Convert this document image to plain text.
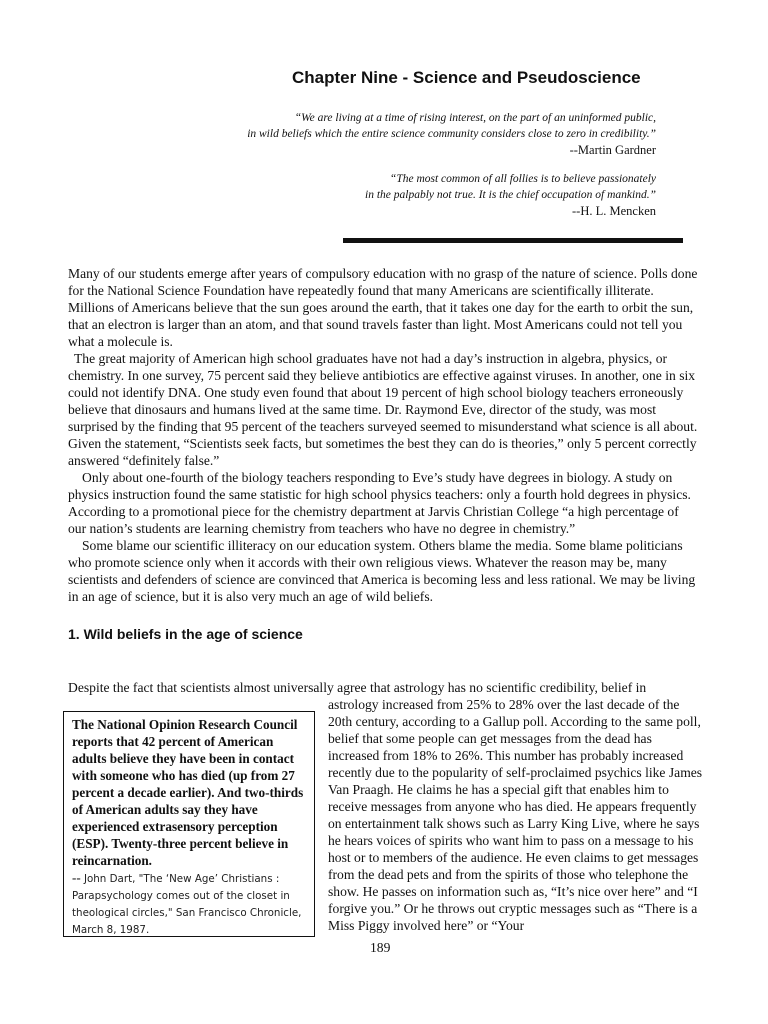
Chapter Nine - Science and Pseudoscience
“We are living at a time of rising interest, on the part of an uninformed public,
in wild beliefs which the entire science community considers close to zero in credibility.”
--Martin Gardner
“The most common of all follies is to believe passionately
in the palpably not true. It is the chief occupation of mankind.”
--H. L. Mencken

Many of our students emerge after years of compulsory education with no grasp of the nature of science. Polls done for the National Science Foundation have repeatedly found that many Americans are scientifically illiterate. Millions of Americans believe that the sun goes around the earth, that it takes one day for the earth to orbit the sun, that an electron is larger than an atom, and that sound travels faster than light. Most Americans could not tell you what a molecule is.

The great majority of American high school graduates have not had a day’s instruction in algebra, physics, or chemistry. In one survey, 75 percent said they believe antibiotics are effective against viruses. In another, one in six could not identify DNA. One study even found that about 19 percent of high school biology teachers erroneously believe that dinosaurs and humans lived at the same time. Dr. Raymond Eve, director of the study, was most surprised by the finding that 95 percent of the teachers surveyed seemed to misunderstand what science is all about. Given the statement, “Scientists seek facts, but sometimes the best they can do is theories,” only 5 percent correctly answered “definitely false.”

Only about one-fourth of the biology teachers responding to Eve’s study have degrees in biology. A study on physics instruction found the same statistic for high school physics teachers: only a fourth hold degrees in physics. According to a promotional piece for the chemistry department at Jarvis Christian College “a high percentage of our nation’s students are learning chemistry from teachers who have no degree in chemistry.”

Some blame our scientific illiteracy on our education system. Others blame the media. Some blame politicians who promote science only when it accords with their own religious views. Whatever the reason may be, many scientists and defenders of science are convinced that America is becoming less and less rational. We may be living in an age of science, but it is also very much an age of wild beliefs.

1. Wild beliefs in the age of science

Despite the fact that scientists almost universally agree that astrology has no scientific credibility, belief in

The National Opinion Research Council reports that 42 percent of American adults believe they have been in contact with someone who has died (up from 27 percent a decade earlier). And two-thirds of American adults say they have experienced extrasensory perception (ESP). Twenty-three percent believe in reincarnation.

-- John Dart, "The ‘New Age’ Christians : Parapsychology comes out of the closet in theological circles," San Francisco Chronicle, March 8, 1987.

astrology increased from 25% to 28% over the last decade of the 20th century, according to a Gallup poll. According to the same poll, belief that some people can get messages from the dead has increased from 18% to 26%. This number has probably increased recently due to the popularity of self-proclaimed psychics like James Van Praagh. He claims he has a special gift that enables him to receive messages from anyone who has died. He appears frequently on entertainment talk shows such as Larry King Live, where he says he hears voices of spirits who want him to pass on a message to his host or to members of the audience. He even claims to get messages from the dead pets and from the spirits of those who telephone the show. He passes on information such as, “It’s nice over here” and “I forgive you.” Or he throws out cryptic messages such as “There is a Miss Piggy involved here” or “Your

189
